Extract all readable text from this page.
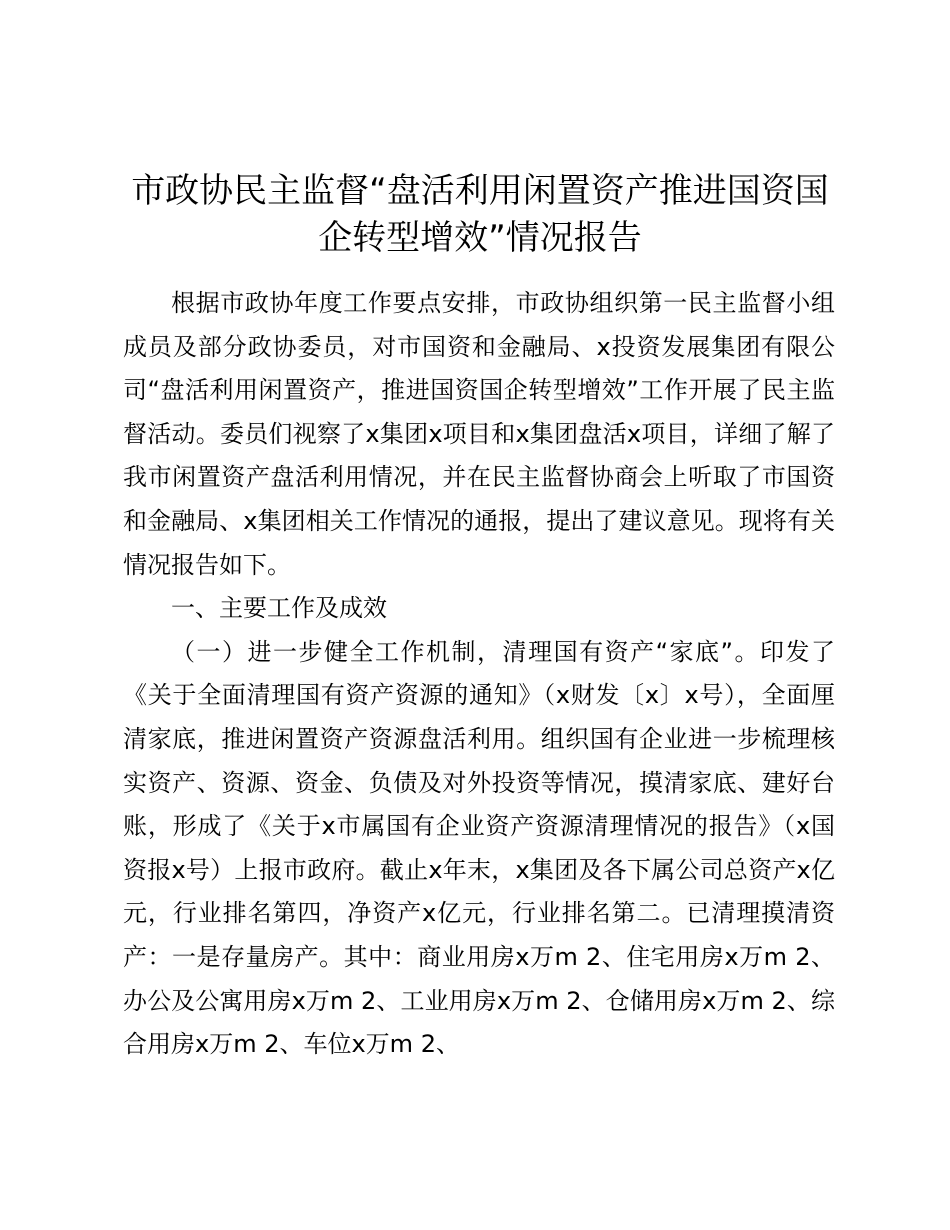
市政协民主监督“盘活利用闲置资产推进国资国企转型增效”情况报告

根据市政协年度工作要点安排，市政协组织第一民主监督小组成员及部分政协委员，对市国资和金融局、x投资发展集团有限公司“盘活利用闲置资产，推进国资国企转型增效”工作开展了民主监督活动。委员们视察了x集团x项目和x集团盘活x项目，详细了解了我市闲置资产盘活利用情况，并在民主监督协商会上听取了市国资和金融局、x集团相关工作情况的通报，提出了建议意见。现将有关情况报告如下。

一、主要工作及成效

（一）进一步健全工作机制，清理国有资产“家底”。印发了《关于全面清理国有资产资源的通知》（x财发〔x〕x号），全面厘清家底，推进闲置资产资源盘活利用。组织国有企业进一步梳理核实资产、资源、资金、负债及对外投资等情况，摸清家底、建好台账，形成了《关于x市属国有企业资产资源清理情况的报告》（x国资报x号）上报市政府。截止x年末，x集团及各下属公司总资产x亿元，行业排名第四，净资产x亿元，行业排名第二。已清理摸清资产：一是存量房产。其中：商业用房x万m 2、住宅用房x万m 2、办公及公寓用房x万m 2、工业用房x万m 2、仓储用房x万m 2、综合用房x万m 2、车位x万m 2、
